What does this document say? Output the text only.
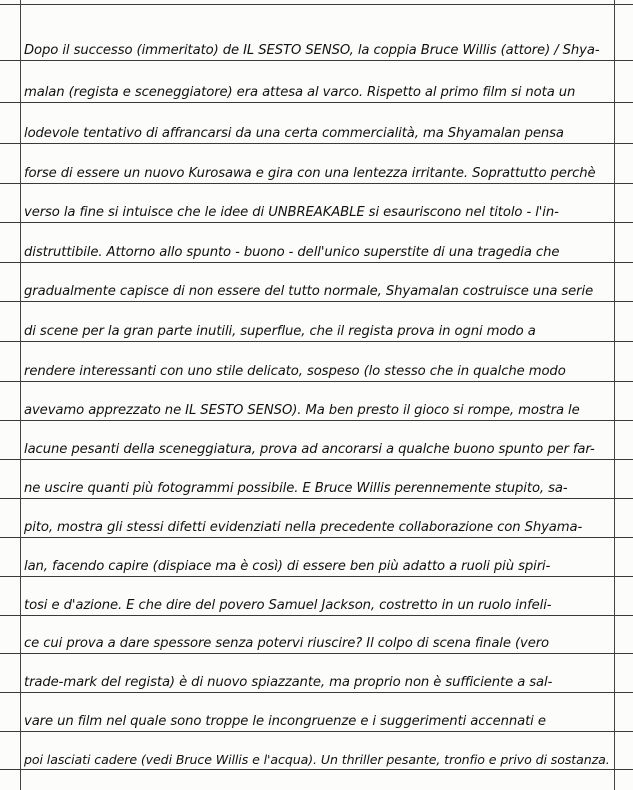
Dopo il successo (immeritato) de IL SESTO SENSO, la coppia Bruce Willis (attore) / Shya-
malan (regista e sceneggiatore) era attesa al varco. Rispetto al primo film si nota un
lodevole tentativo di affrancarsi da una certa commercialità, ma Shyamalan pensa
forse di essere un nuovo Kurosawa e gira con una lentezza irritante. Soprattutto perchè
verso la fine si intuisce che le idee di UNBREAKABLE si esauriscono nel titolo - l'in-
distruttibile. Attorno allo spunto - buono - dell'unico superstite di una tragedia che
gradualmente capisce di non essere del tutto normale, Shyamalan costruisce una serie
di scene per la gran parte inutili, superflue, che il regista prova in ogni modo a
rendere interessanti con uno stile delicato, sospeso (lo stesso che in qualche modo
avevamo apprezzato ne IL SESTO SENSO). Ma ben presto il gioco si rompe, mostra le
lacune pesanti della sceneggiatura, prova ad ancorarsi a qualche buono spunto per far-
ne uscire quanti più fotogrammi possibile. E Bruce Willis perennemente stupito, sa-
pito, mostra gli stessi difetti evidenziati nella precedente collaborazione con Shyama-
lan, facendo capire (dispiace ma è così) di essere ben più adatto a ruoli più spiri-
tosi e d'azione. E che dire del povero Samuel Jackson, costretto in un ruolo infeli-
ce cui prova a dare spessore senza potervi riuscire? Il colpo di scena finale (vero
trade-mark del regista) è di nuovo spiazzante, ma proprio non è sufficiente a sal-
vare un film nel quale sono troppe le incongruenze e i suggerimenti accennati e
poi lasciati cadere (vedi Bruce Willis e l'acqua). Un thriller pesante, tronfio e privo di sostanza.
